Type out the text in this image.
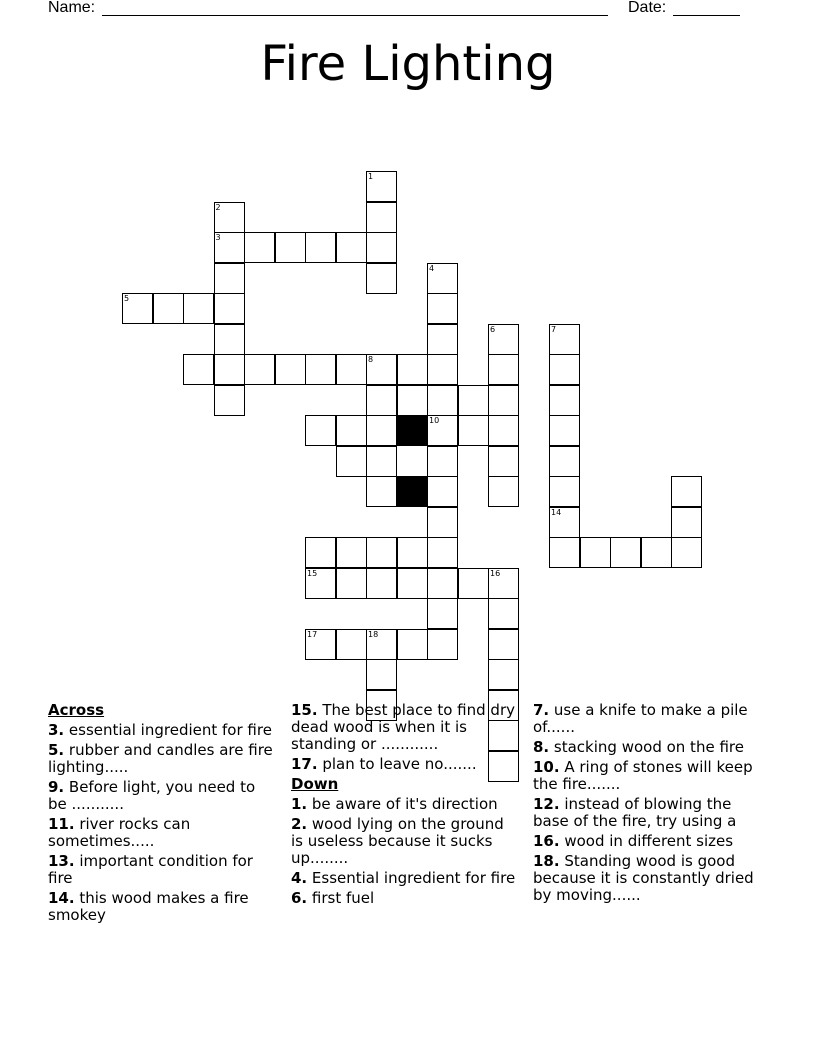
Name:	Date:
Fire Lighting
1
2
3
5
4
6	7
14
8
10
15	16
17	18
Across
3. essential ingredient for fire
5. rubber and candles are fire lighting.....
9. Before light, you need to be ...........
11. river rocks can sometimes.....
13. important condition for fire
14. this wood makes a fire smokey
15. The best place to find dry dead wood is when it is standing or ............
17. plan to leave no.......
Down
1. be aware of it's direction
2. wood lying on the ground is useless because it sucks up........
4. Essential ingredient for fire
6. first fuel
7. use a knife to make a pile of......
8. stacking wood on the fire
10. A ring of stones will keep the fire.......
12. instead of blowing the base of the fire, try using a
16. wood in different sizes
18. Standing wood is good because it is constantly dried by moving......
